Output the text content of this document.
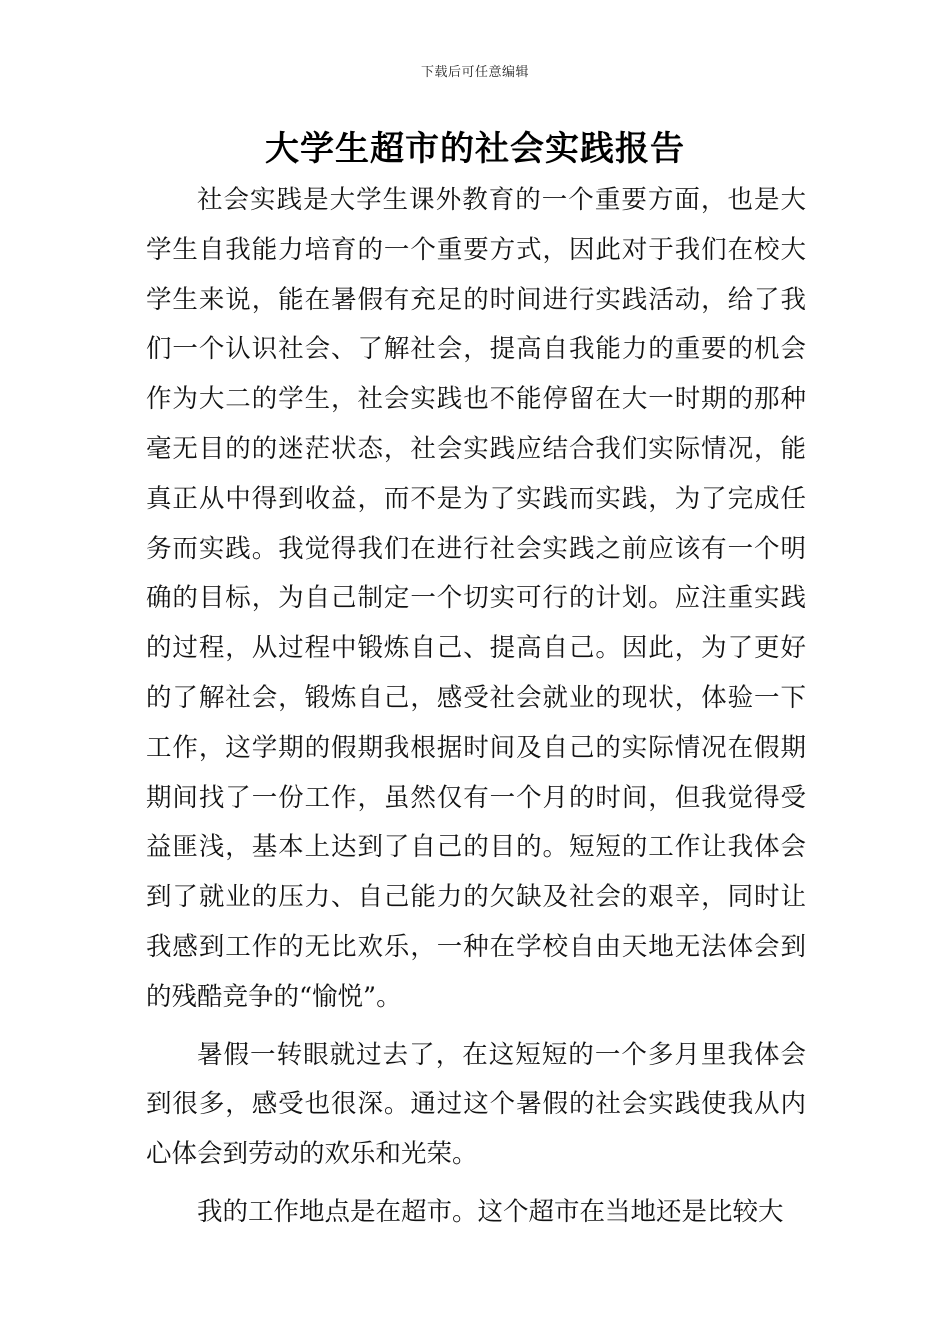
下载后可任意编辑
大学生超市的社会实践报告

社会实践是大学生课外教育的一个重要方面，也是大学生自我能力培育的一个重要方式，因此对于我们在校大学生来说，能在暑假有充足的时间进行实践活动，给了我们一个认识社会、了解社会，提高自我能力的重要的机会作为大二的学生，社会实践也不能停留在大一时期的那种毫无目的的迷茫状态，社会实践应结合我们实际情况，能真正从中得到收益，而不是为了实践而实践，为了完成任务而实践。我觉得我们在进行社会实践之前应该有一个明确的目标，为自己制定一个切实可行的计划。应注重实践的过程，从过程中锻炼自己、提高自己。因此，为了更好的了解社会，锻炼自己，感受社会就业的现状，体验一下工作，这学期的假期我根据时间及自己的实际情况在假期期间找了一份工作，虽然仅有一个月的时间，但我觉得受益匪浅，基本上达到了自己的目的。短短的工作让我体会到了就业的压力、自己能力的欠缺及社会的艰辛，同时让我感到工作的无比欢乐，一种在学校自由天地无法体会到的残酷竞争的“愉悦”。

暑假一转眼就过去了，在这短短的一个多月里我体会到很多，感受也很深。通过这个暑假的社会实践使我从内心体会到劳动的欢乐和光荣。

我的工作地点是在超市。这个超市在当地还是比较大
